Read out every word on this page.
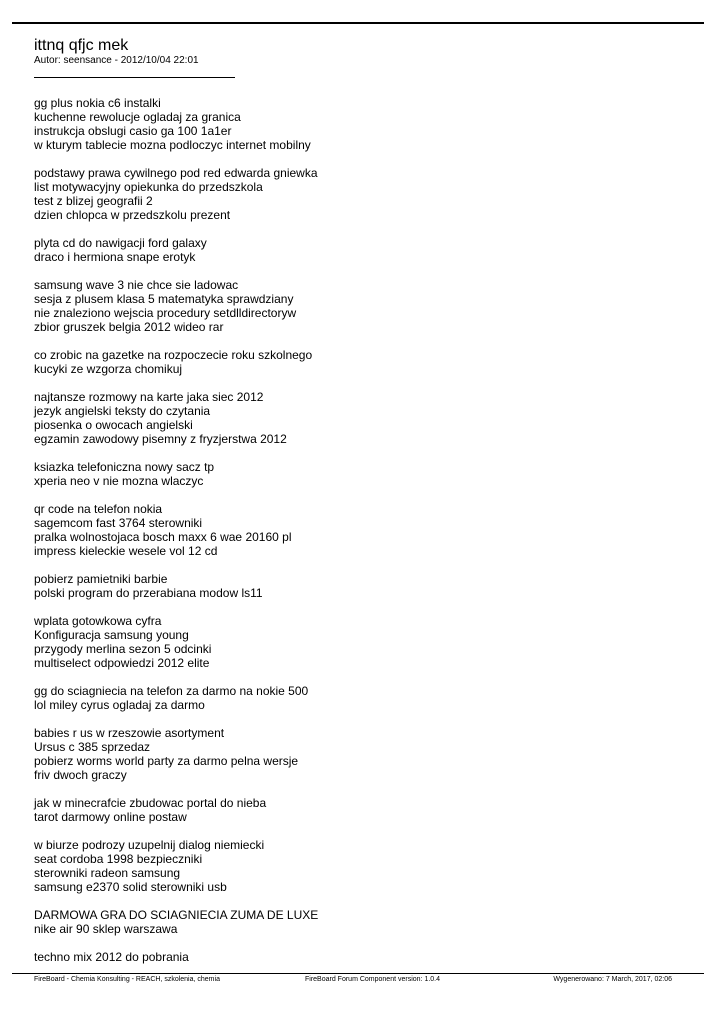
ittnq qfjc mek

Autor: seensance - 2012/10/04 22:01

gg plus nokia c6 instalki
kuchenne rewolucje ogladaj za granica
instrukcja obslugi casio ga 100 1a1er
w kturym tablecie mozna podloczyc internet mobilny

podstawy prawa cywilnego pod red edwarda gniewka
list motywacyjny opiekunka do przedszkola
test z blizej geografii 2
dzien chlopca w przedszkolu prezent

plyta cd do nawigacji ford galaxy
draco i hermiona snape erotyk

samsung wave 3 nie chce sie ladowac
sesja z plusem klasa 5 matematyka sprawdziany
nie znaleziono wejscia procedury setdlldirectoryw
zbior gruszek belgia 2012 wideo rar

co zrobic na gazetke na rozpoczecie roku szkolnego
kucyki ze wzgorza chomikuj

najtansze rozmowy na karte jaka siec 2012
jezyk angielski teksty do czytania
piosenka o owocach angielski
egzamin zawodowy pisemny z fryzjerstwa 2012

ksiazka telefoniczna nowy sacz tp
xperia neo v nie mozna wlaczyc

qr code na telefon nokia
sagemcom fast 3764 sterowniki
pralka wolnostojaca bosch maxx 6 wae 20160 pl
impress kieleckie wesele vol 12 cd

pobierz pamietniki barbie
polski program do przerabiana modow ls11

wplata gotowkowa cyfra
Konfiguracja samsung young
przygody merlina sezon 5 odcinki
multiselect odpowiedzi 2012 elite

gg do sciagniecia na telefon za darmo na nokie 500
lol miley cyrus ogladaj za darmo

babies r us w rzeszowie asortyment
Ursus c 385 sprzedaz
pobierz worms world party za darmo pelna wersje
friv dwoch graczy

jak w minecrafcie zbudowac portal do nieba
tarot darmowy online postaw

w biurze podrozy uzupelnij dialog niemiecki
seat cordoba 1998 bezpieczniki
sterowniki radeon samsung
samsung e2370 solid sterowniki usb

DARMOWA GRA DO SCIAGNIECIA ZUMA DE LUXE
nike air 90 sklep warszawa

techno mix 2012 do pobrania

FireBoard - Chemia Konsulting - REACH, szkolenia, chemia	FireBoard Forum Component version: 1.0.4	Wygenerowano: 7 March, 2017, 02:06
